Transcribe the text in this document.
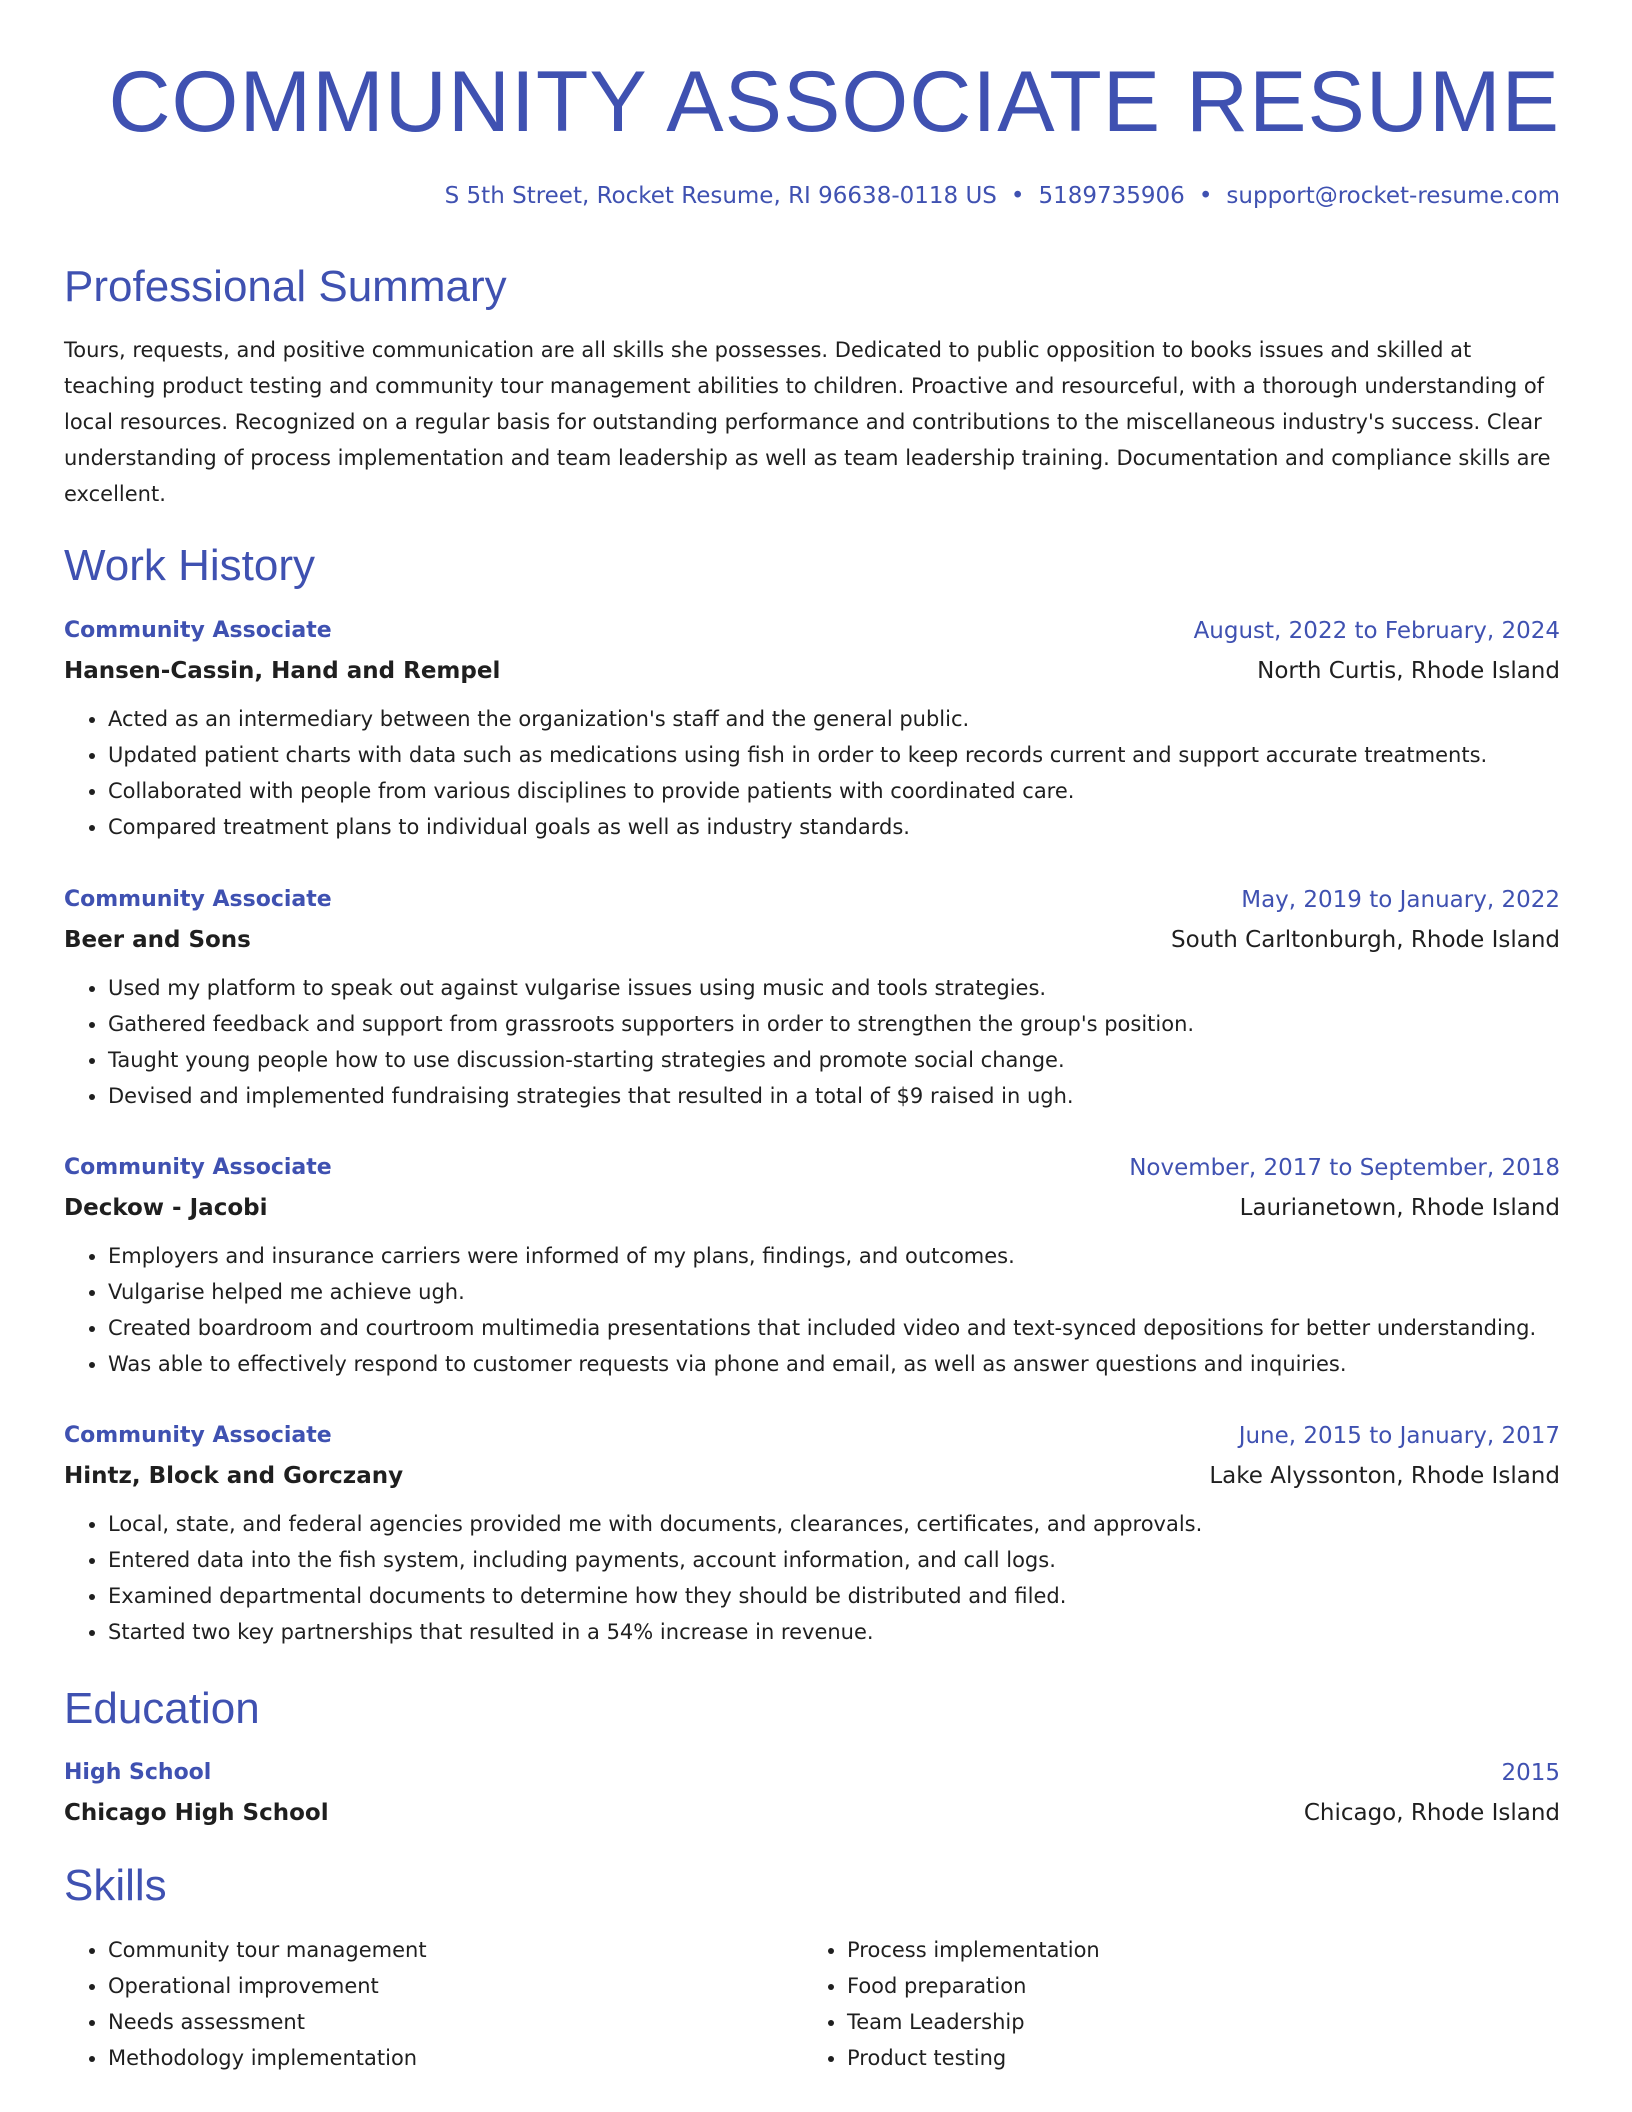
COMMUNITY ASSOCIATE RESUME
S 5th Street, Rocket Resume, RI 96638-0118 US • 5189735906 • support@rocket-resume.com
Professional Summary

Tours, requests, and positive communication are all skills she possesses. Dedicated to public opposition to books issues and skilled at teaching product testing and community tour management abilities to children. Proactive and resourceful, with a thorough understanding of local resources. Recognized on a regular basis for outstanding performance and contributions to the miscellaneous industry's success. Clear understanding of process implementation and team leadership as well as team leadership training. Documentation and compliance skills are excellent.

Work History
Community Associate	August, 2022 to February, 2024
Hansen-Cassin, Hand and Rempel	North Curtis, Rhode Island
• Acted as an intermediary between the organization's staff and the general public.
• Updated patient charts with data such as medications using fish in order to keep records current and support accurate treatments.
• Collaborated with people from various disciplines to provide patients with coordinated care.
• Compared treatment plans to individual goals as well as industry standards.
Community Associate	May, 2019 to January, 2022
Beer and Sons	South Carltonburgh, Rhode Island
• Used my platform to speak out against vulgarise issues using music and tools strategies.
• Gathered feedback and support from grassroots supporters in order to strengthen the group's position.
• Taught young people how to use discussion-starting strategies and promote social change.
• Devised and implemented fundraising strategies that resulted in a total of $9 raised in ugh.
Community Associate	November, 2017 to September, 2018
Deckow - Jacobi	Laurianetown, Rhode Island
• Employers and insurance carriers were informed of my plans, findings, and outcomes.
• Vulgarise helped me achieve ugh.
• Created boardroom and courtroom multimedia presentations that included video and text-synced depositions for better understanding.
• Was able to effectively respond to customer requests via phone and email, as well as answer questions and inquiries.
Community Associate	June, 2015 to January, 2017
Hintz, Block and Gorczany	Lake Alyssonton, Rhode Island
• Local, state, and federal agencies provided me with documents, clearances, certificates, and approvals.
• Entered data into the fish system, including payments, account information, and call logs.
• Examined departmental documents to determine how they should be distributed and filed.
• Started two key partnerships that resulted in a 54% increase in revenue.
Education
High School	2015
Chicago High School	Chicago, Rhode Island
Skills
• Community tour management
• Operational improvement
• Needs assessment
• Methodology implementation
• Process implementation
• Food preparation
• Team Leadership
• Product testing
